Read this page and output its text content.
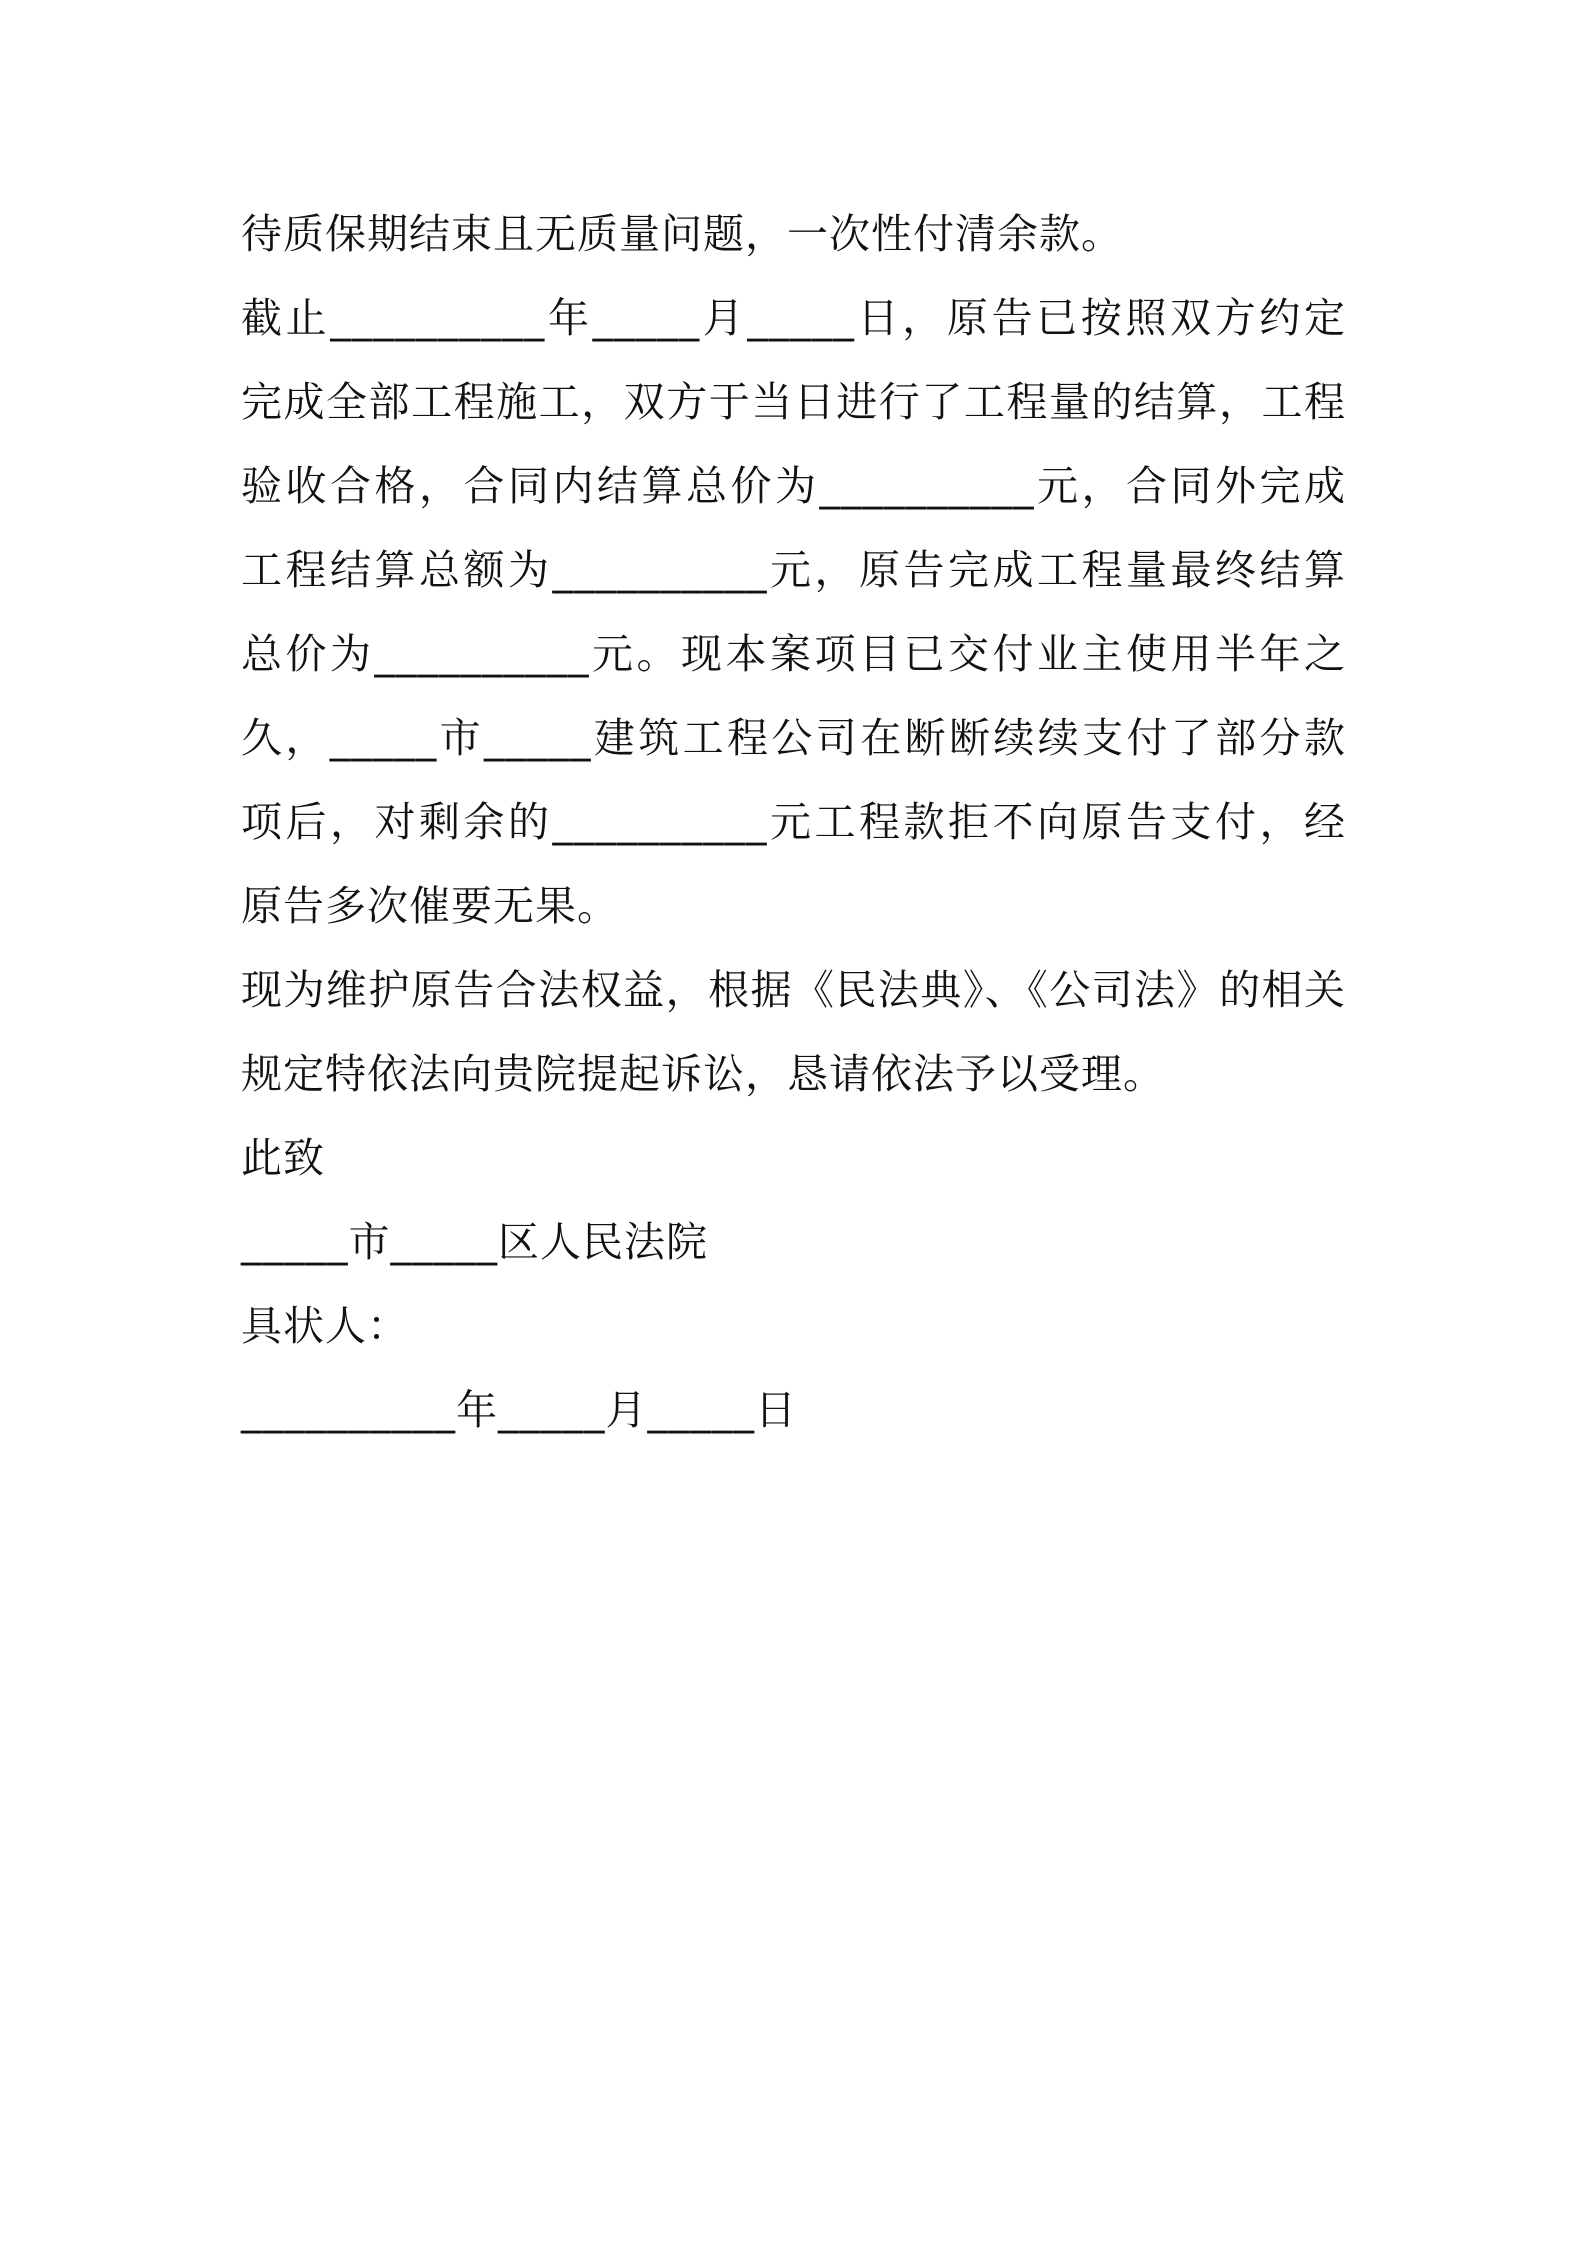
待质保期结束且无质量问题，一次性付清余款。
截止__________年_____月_____日，原告已按照双方约定
完成全部工程施工，双方于当日进行了工程量的结算，工程
验收合格，合同内结算总价为__________元，合同外完成
工程结算总额为__________元，原告完成工程量最终结算
总价为__________元。现本案项目已交付业主使用半年之
久，_____市_____建筑工程公司在断断续续支付了部分款
项后，对剩余的__________元工程款拒不向原告支付，经
原告多次催要无果。
现为维护原告合法权益，根据《民法典》、《公司法》的相关
规定特依法向贵院提起诉讼，恳请依法予以受理。
此致
_____市_____区人民法院
具状人：
__________年_____月_____日
